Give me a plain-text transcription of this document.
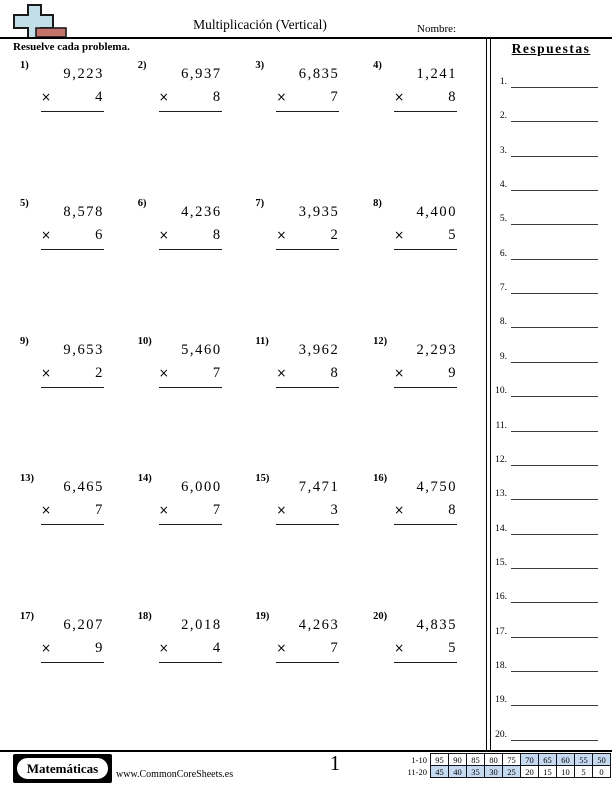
Multiplicación (Vertical)	Nombre:
Resuelve cada problema.
1)
9,223
×	4
2)
6,937
×	8
3)
6,835
×	7
4)
1,241
×	8
5)
8,578
×	6
6)
4,236
×	8
7)
3,935
×	2
8)
4,400
×	5
9)
9,653
×	2
10)
5,460
×	7
11)
3,962
×	8
12)
2,293
×	9
13)
6,465
×	7
14)
6,000
×	7
15)
7,471
×	3
16)
4,750
×	8
17)
6,207
×	9
18)
2,018
×	4
19)
4,263
×	7
20)
4,835
×	5
Respuestas
1.
2.
3.
4.
5.
6.
7.
8.
9.
10.
11.
12.
13.
14.
15.
16.
17.
18.
19.
20.
Matemáticas	www.CommonCoreSheets.es	1	1-10	95	90	85	80	75	70	65	60	55	50
11-20	45	40	35	30	25	20	15	10	5	0
